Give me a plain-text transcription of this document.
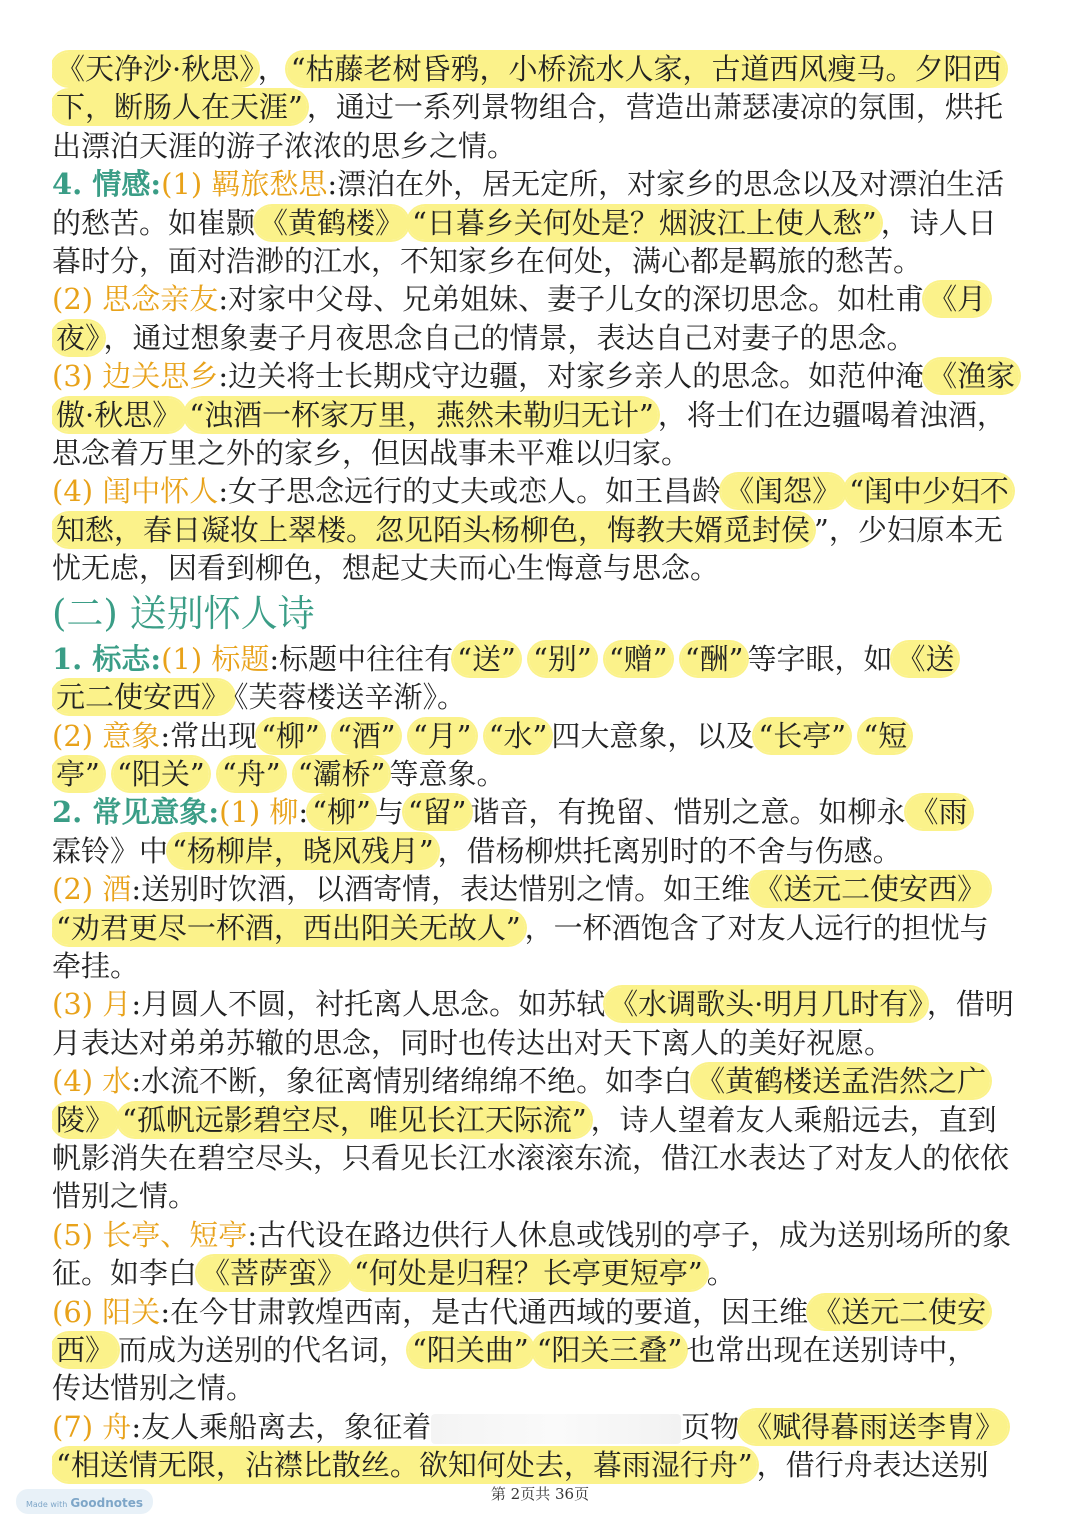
《天净沙·秋思》 ， “枯藤老树昏鸦，小桥流水人家，古道西风瘦马。夕阳西

下，断肠人在天涯” ，通过一系列景物组合，营造出萧瑟凄凉的氛围，烘托

出漂泊天涯的游子浓浓的思乡之情。

4. 情感:(1) 羁旅愁思:漂泊在外，居无定所，对家乡的思念以及对漂泊生活

的愁苦。如崔颢 《黄鹤楼》 “日暮乡关何处是？烟波江上使人愁” ，诗人日

暮时分，面对浩渺的江水，不知家乡在何处，满心都是羁旅的愁苦。

(2) 思念亲友:对家中父母、兄弟姐妹、妻子儿女的深切思念。如杜甫 《月

夜》 ，通过想象妻子月夜思念自己的情景，表达自己对妻子的思念。

(3) 边关思乡:边关将士长期戍守边疆，对家乡亲人的思念。如范仲淹 《渔家

傲·秋思》 “浊酒一杯家万里，燕然未勒归无计” ，将士们在边疆喝着浊酒，

思念着万里之外的家乡，但因战事未平难以归家。

(4) 闺中怀人:女子思念远行的丈夫或恋人。如王昌龄 《闺怨》 “闺中少妇不

知愁，春日凝妆上翠楼。忽见陌头杨柳色，悔教夫婿觅封侯 ”，少妇原本无

忧无虑，因看到柳色，想起丈夫而心生悔意与思念。

(二) 送别怀人诗

1. 标志:(1) 标题:标题中往往有 “送” “别” “赠” “酬” 等字眼，如 《送

元二使安西》 《芙蓉楼送辛渐》。

(2) 意象:常出现 “柳” “酒” “月” “水” 四大意象，以及 “长亭” “短

亭” “阳关” “舟” “灞桥” 等意象。

2. 常见意象:(1) 柳: “柳” 与 “留” 谐音，有挽留、惜别之意。如柳永 《雨

霖铃》中 “杨柳岸，晓风残月” ，借杨柳烘托离别时的不舍与伤感。

(2) 酒:送别时饮酒，以酒寄情，表达惜别之情。如王维 《送元二使安西》

“劝君更尽一杯酒，西出阳关无故人” ，一杯酒饱含了对友人远行的担忧与

牵挂。

(3) 月:月圆人不圆，衬托离人思念。如苏轼 《水调歌头·明月几时有》 ，借明

月表达对弟弟苏辙的思念，同时也传达出对天下离人的美好祝愿。

(4) 水:水流不断，象征离情别绪绵绵不绝。如李白 《黄鹤楼送孟浩然之广

陵》 “孤帆远影碧空尽，唯见长江天际流” ，诗人望着友人乘船远去，直到

帆影消失在碧空尽头，只看见长江水滚滚东流，借江水表达了对友人的依依

惜别之情。

(5) 长亭、短亭:古代设在路边供行人休息或饯别的亭子，成为送别场所的象

征。如李白 《菩萨蛮》 “何处是归程？长亭更短亭” 。

(6) 阳关:在今甘肃敦煌西南，是古代通西域的要道，因王维 《送元二使安

西》 而成为送别的代名词， “阳关曲” “阳关三叠” 也常出现在送别诗中，

传达惜别之情。

(7) 舟:友人乘船离去，象征着	页物 《赋得暮雨送李胄》

“相送情无限，沾襟比散丝。欲知何处去，暮雨湿行舟” ，借行舟表达送别

第 2页共 36页
Made with Goodnotes
